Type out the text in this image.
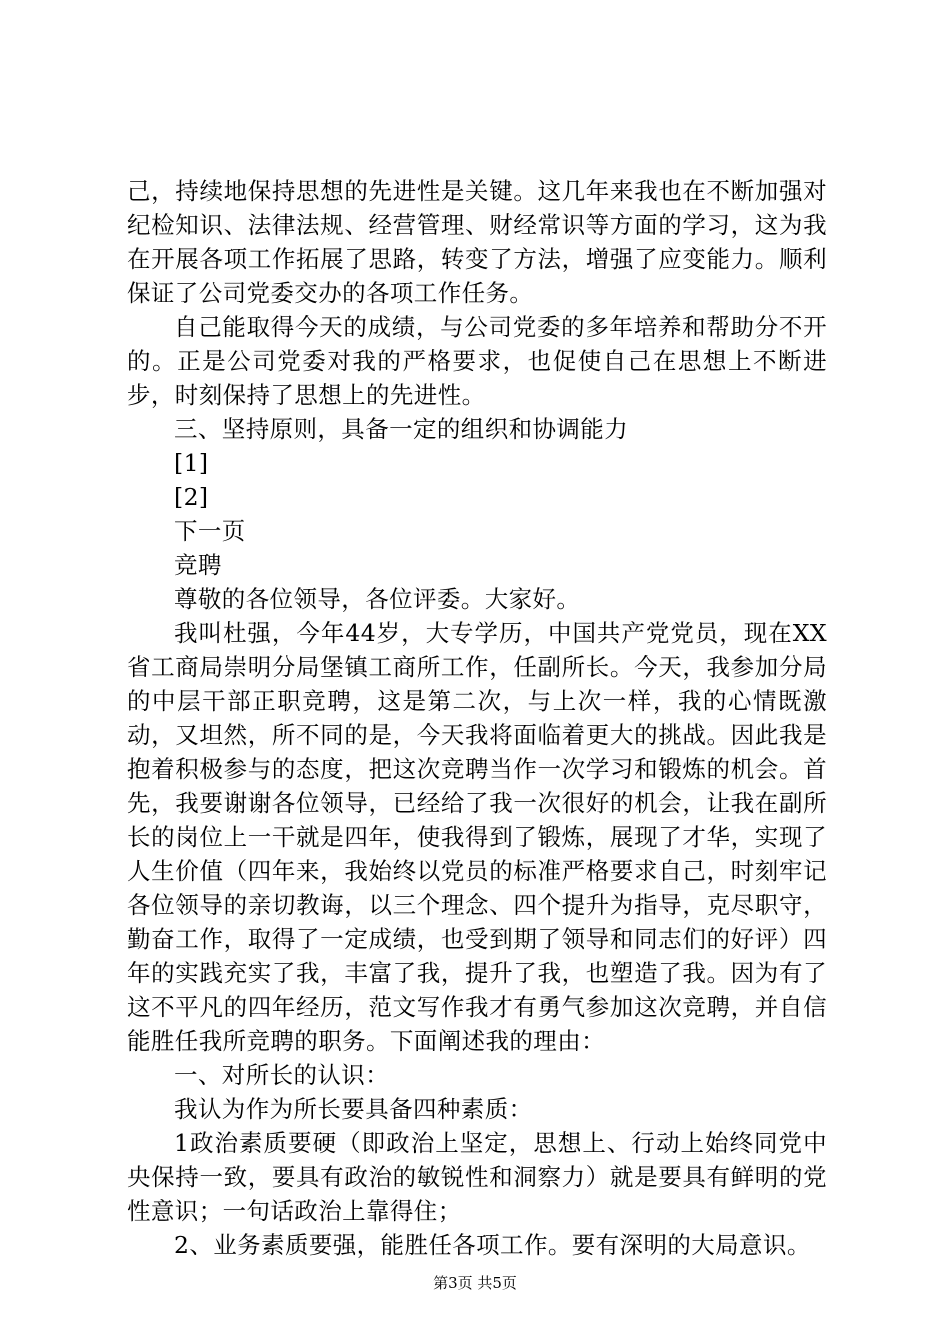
己，持续地保持思想的先进性是关键。这几年来我也在不断加强对纪检知识、法律法规、经营管理、财经常识等方面的学习，这为我在开展各项工作拓展了思路，转变了方法，增强了应变能力。顺利保证了公司党委交办的各项工作任务。

自己能取得今天的成绩，与公司党委的多年培养和帮助分不开的。正是公司党委对我的严格要求，也促使自己在思想上不断进步，时刻保持了思想上的先进性。

三、坚持原则，具备一定的组织和协调能力

[1]

[2]

下一页

竞聘

尊敬的各位领导，各位评委。大家好。

我叫杜强，今年44岁，大专学历，中国共产党党员，现在XX省工商局崇明分局堡镇工商所工作，任副所长。今天，我参加分局的中层干部正职竞聘，这是第二次，与上次一样，我的心情既激动，又坦然，所不同的是，今天我将面临着更大的挑战。因此我是抱着积极参与的态度，把这次竞聘当作一次学习和锻炼的机会。首先，我要谢谢各位领导，已经给了我一次很好的机会，让我在副所长的岗位上一干就是四年，使我得到了锻炼，展现了才华，实现了人生价值（四年来，我始终以党员的标准严格要求自己，时刻牢记各位领导的亲切教诲，以三个理念、四个提升为指导，克尽职守，勤奋工作，取得了一定成绩，也受到期了领导和同志们的好评）四年的实践充实了我，丰富了我，提升了我，也塑造了我。因为有了这不平凡的四年经历，范文写作我才有勇气参加这次竞聘，并自信能胜任我所竞聘的职务。下面阐述我的理由：

一、对所长的认识：

我认为作为所长要具备四种素质：

1政治素质要硬（即政治上坚定，思想上、行动上始终同党中央保持一致，要具有政治的敏锐性和洞察力）就是要具有鲜明的党性意识；一句话政治上靠得住；

2、业务素质要强，能胜任各项工作。要有深明的大局意识。

第3页 共5页
